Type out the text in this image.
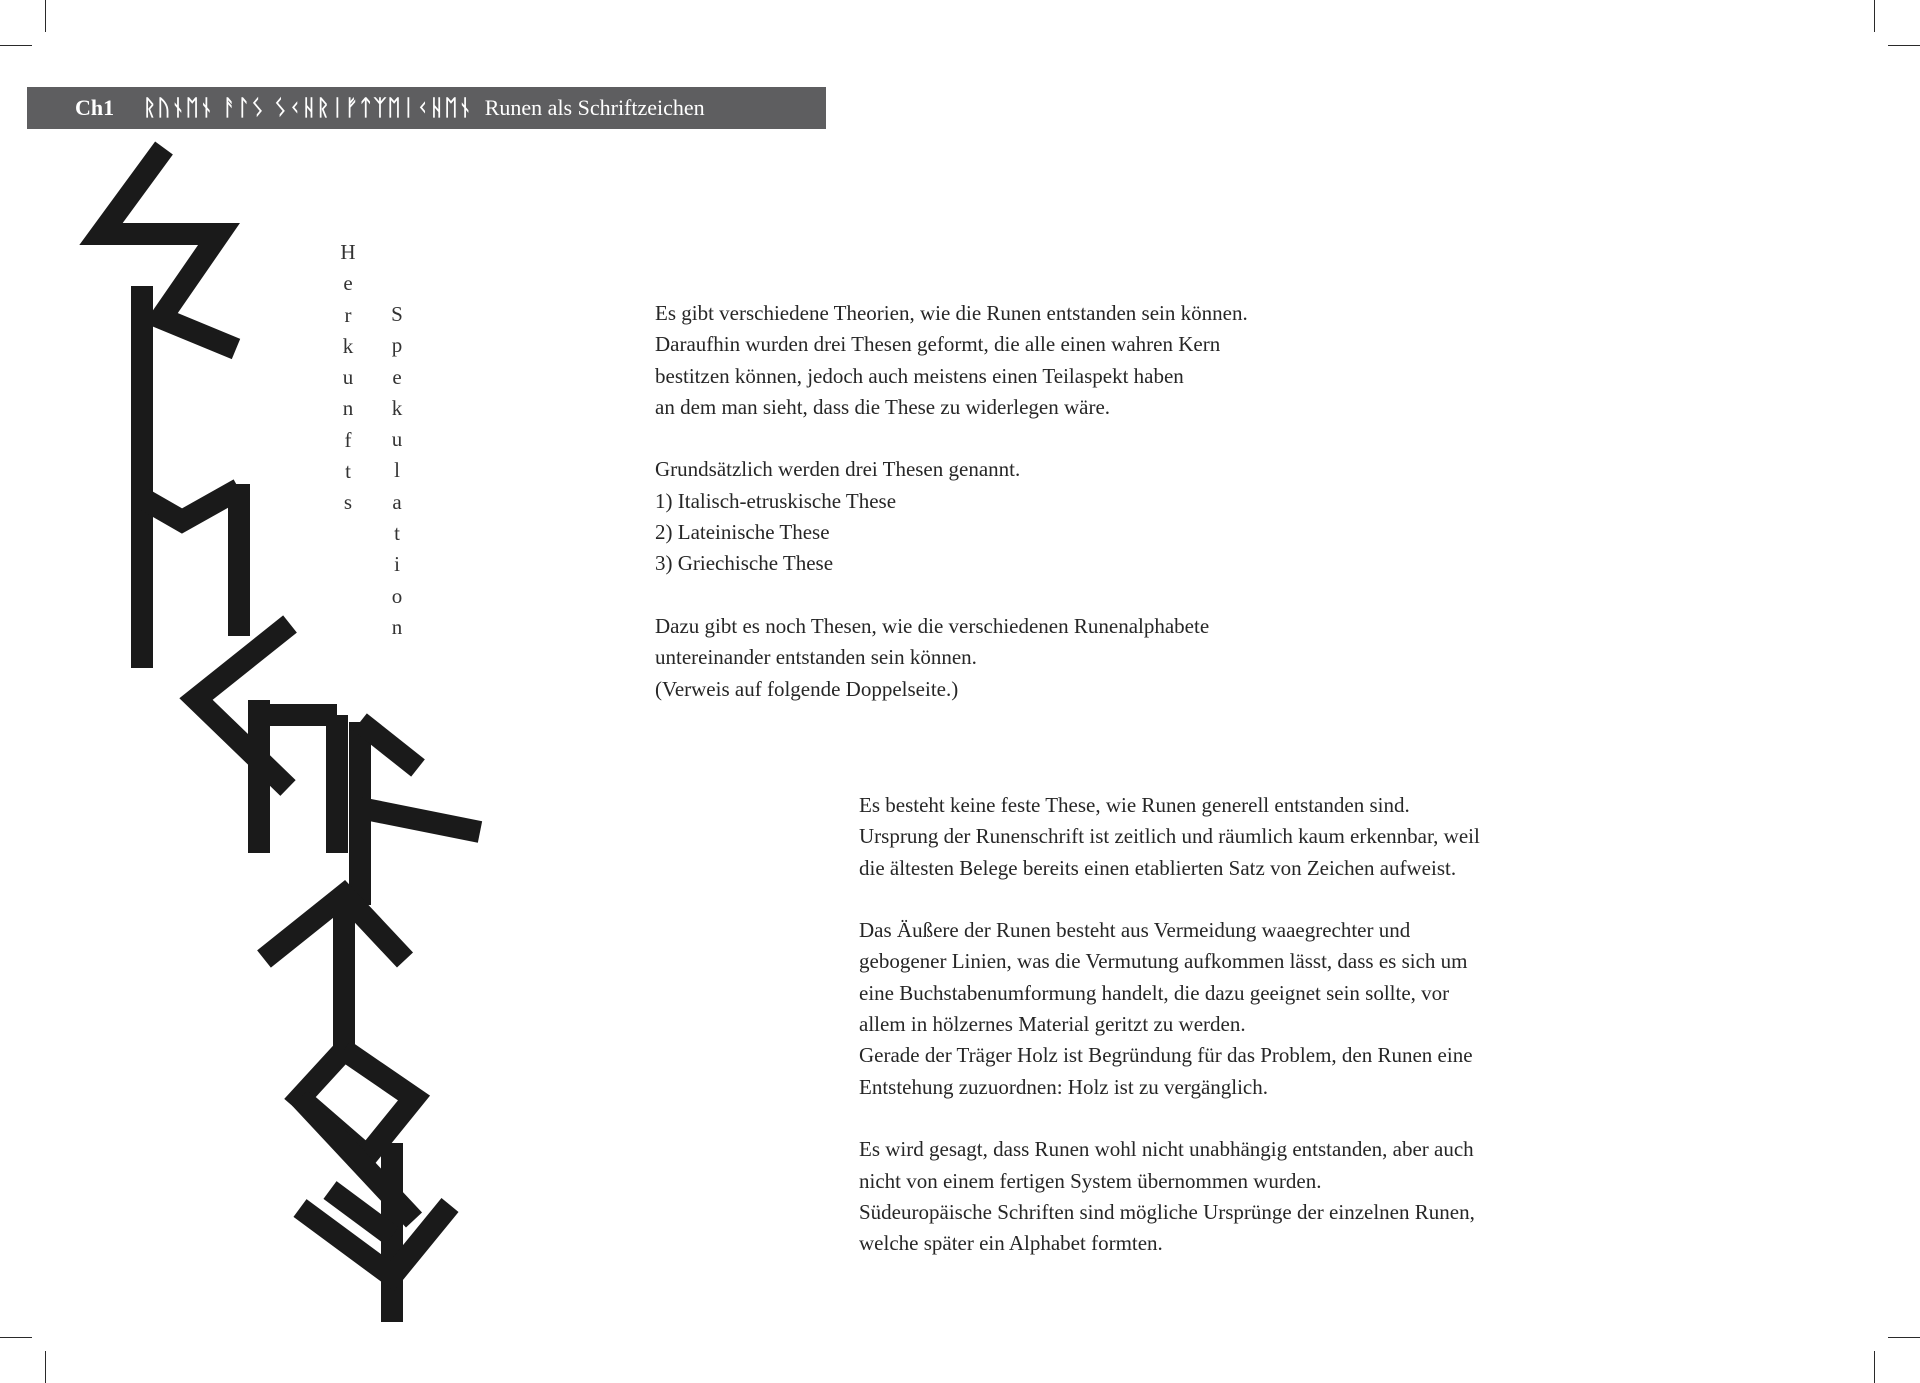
Ch1	ᚱᚢᚾᛖᚾ ᚨᛚᛊ ᛊᚲᚺᚱᛁᚠᛏᛉᛖᛁᚲᚺᛖᚾ Runen als Schriftzeichen
H
e
r
k
u
n
f
t
s
S
p
e
k
u
l
a
t
i
o
n

Es gibt verschiedene Theorien, wie die Runen entstanden sein können.

Daraufhin wurden drei Thesen geformt, die alle einen wahren Kern

bestitzen können, jedoch auch meistens einen Teilaspekt haben

an dem man sieht, dass die These zu widerlegen wäre.

Grundsätzlich werden drei Thesen genannt.

1) Italisch-etruskische These

2) Lateinische These

3) Griechische These

Dazu gibt es noch Thesen, wie die verschiedenen Runenalphabete

untereinander entstanden sein können.

(Verweis auf folgende Doppelseite.)

Es besteht keine feste These, wie Runen generell entstanden sind.

Ursprung der Runenschrift ist zeitlich und räumlich kaum erkennbar, weil

die ältesten Belege bereits einen etablierten Satz von Zeichen aufweist.

Das Äußere der Runen besteht aus Vermeidung waaegrechter und

gebogener Linien, was die Vermutung aufkommen lässt, dass es sich um

eine Buchstabenumformung handelt, die dazu geeignet sein sollte, vor

allem in hölzernes Material geritzt zu werden.

Gerade der Träger Holz ist Begründung für das Problem, den Runen eine

Entstehung zuzuordnen: Holz ist zu vergänglich.

Es wird gesagt, dass Runen wohl nicht unabhängig entstanden, aber auch

nicht von einem fertigen System übernommen wurden.

Südeuropäische Schriften sind mögliche Ursprünge der einzelnen Runen,

welche später ein Alphabet formten.
